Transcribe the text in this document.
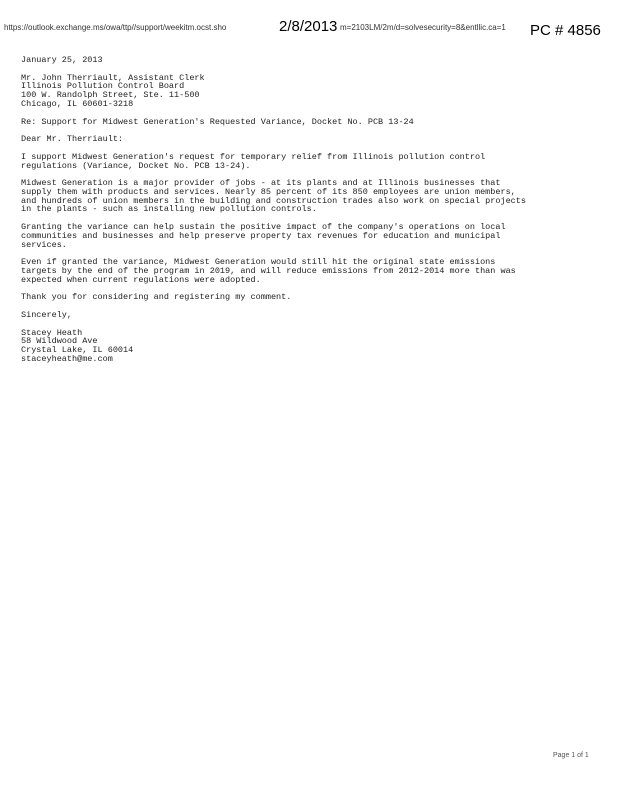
https://outlook.exchange.ms/owa/ttp//support/weekitm.ocst.sho	2/8/2013 m=2103LM/2m/d=solvesecurity=8&entllic.ca=1	PC # 4856

January 25, 2013

Mr. John Therriault, Assistant Clerk
Illinois Pollution Control Board
100 W. Randolph Street, Ste. 11-500
Chicago, IL 60601-3218

Re: Support for Midwest Generation's Requested Variance, Docket No. PCB 13-24

Dear Mr. Therriault:

I support Midwest Generation's request for temporary relief from Illinois pollution control
regulations (Variance, Docket No. PCB 13-24).

Midwest Generation is a major provider of jobs - at its plants and at Illinois businesses that
supply them with products and services. Nearly 85 percent of its 850 employees are union members,
and hundreds of union members in the building and construction trades also work on special projects
in the plants - such as installing new pollution controls.

Granting the variance can help sustain the positive impact of the company's operations on local
communities and businesses and help preserve property tax revenues for education and municipal
services.

Even if granted the variance, Midwest Generation would still hit the original state emissions
targets by the end of the program in 2019, and will reduce emissions from 2012-2014 more than was
expected when current regulations were adopted.

Thank you for considering and registering my comment.

Sincerely,

Stacey Heath
58 Wildwood Ave
Crystal Lake, IL 60014
staceyheath@me.com

Page 1 of 1
